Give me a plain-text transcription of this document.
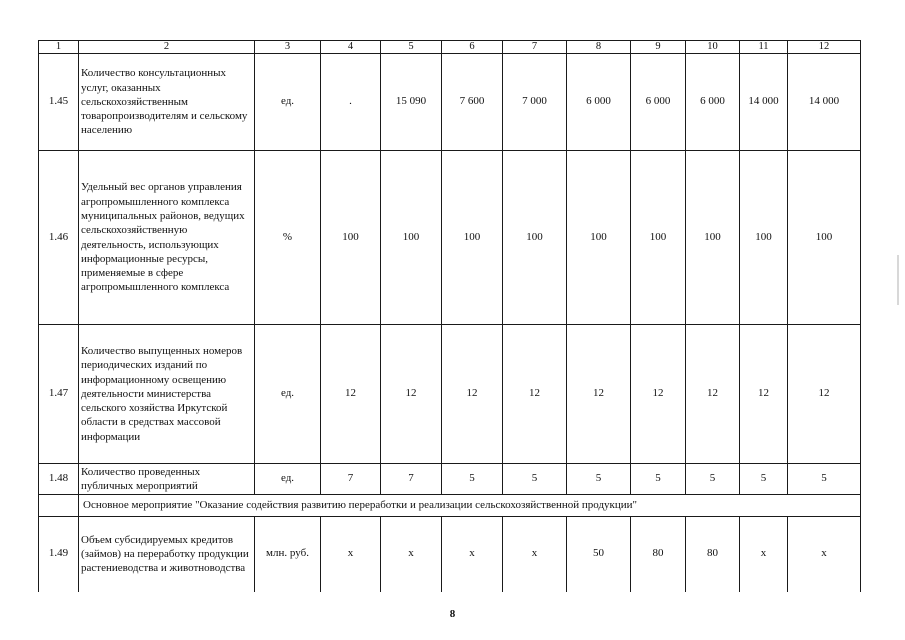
1	2	3	4	5	6	7	8	9	10	11	12
1.45	Количество консультационных услуг, оказанных сельскохозяйственным товаропроизводителям и сельскому населению	ед.	.	15 090	7 600	7 000	6 000	6 000	6 000	14 000	14 000
1.46	Удельный вес органов управления агропромышленного комплекса муниципальных районов, ведущих сельскохозяйственную деятельность, использующих информационные ресурсы, применяемые в сфере агропромышленного комплекса	%	100	100	100	100	100	100	100	100	100
1.47	Количество выпущенных номеров периодических изданий по информационному освещению деятельности министерства сельского хозяйства Иркутской области в средствах массовой информации	ед.	12	12	12	12	12	12	12	12	12
1.48	Количество проведенных публичных мероприятий	ед.	7	7	5	5	5	5	5	5	5
	Основное мероприятие "Оказание содействия развитию переработки и реализации сельскохозяйственной продукции"										
1.49	Объем субсидируемых кредитов (займов) на переработку продукции растениеводства и животноводства	млн. руб.	х	х	х	х	50	80	80	х	х
8
